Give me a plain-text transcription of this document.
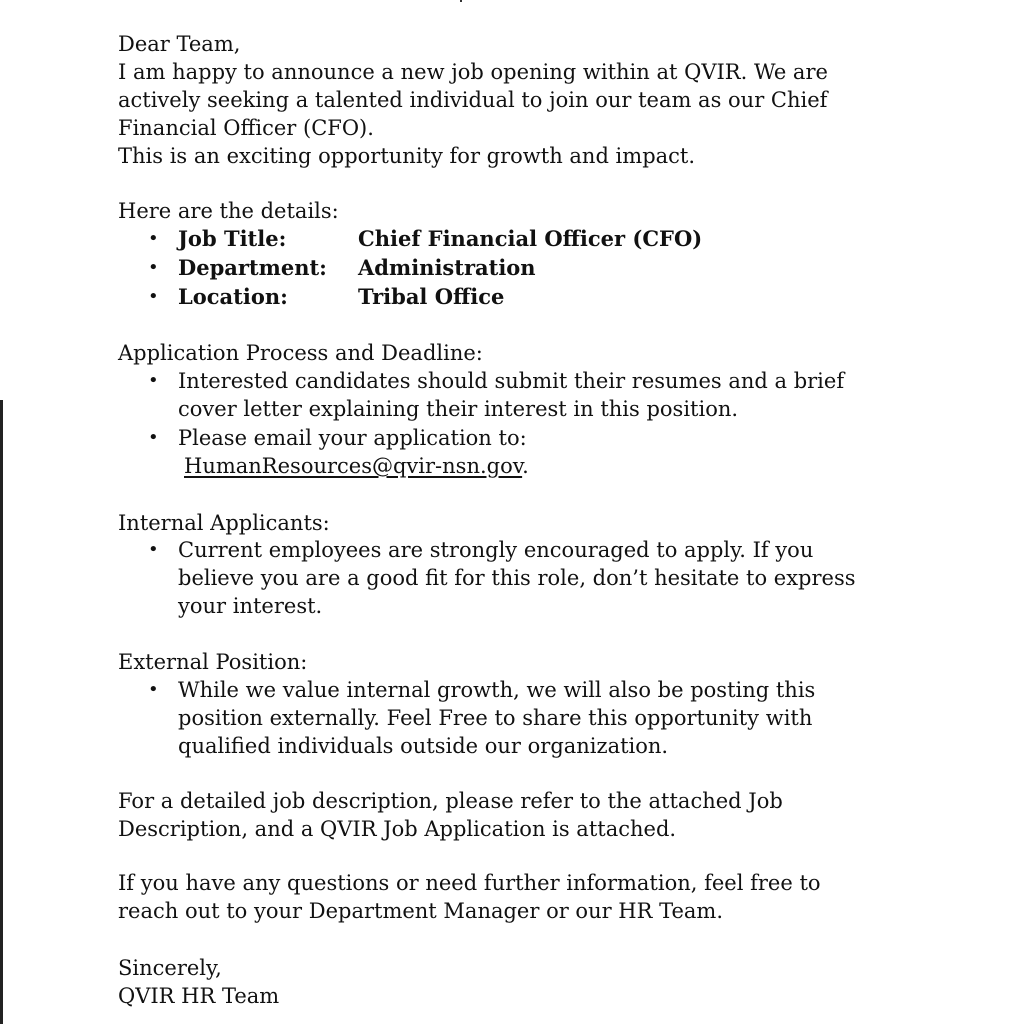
Dear Team,
I am happy to announce a new job opening within at QVIR. We are
actively seeking a talented individual to join our team as our Chief
Financial Officer (CFO).
This is an exciting opportunity for growth and impact.
Here are the details:
• Job Title:	Chief Financial Officer (CFO)
• Department: Administration
• Location:	Tribal Office
Application Process and Deadline:
• Interested candidates should submit their resumes and a brief
cover letter explaining their interest in this position.
• Please email your application to:
HumanResources@qvir-nsn.gov.
Internal Applicants:
• Current employees are strongly encouraged to apply. If you
believe you are a good fit for this role, don’t hesitate to express
your interest.
External Position:
• While we value internal growth, we will also be posting this
position externally. Feel Free to share this opportunity with
qualified individuals outside our organization.
For a detailed job description, please refer to the attached Job
Description, and a QVIR Job Application is attached.
If you have any questions or need further information, feel free to
reach out to your Department Manager or our HR Team.
Sincerely,
QVIR HR Team
